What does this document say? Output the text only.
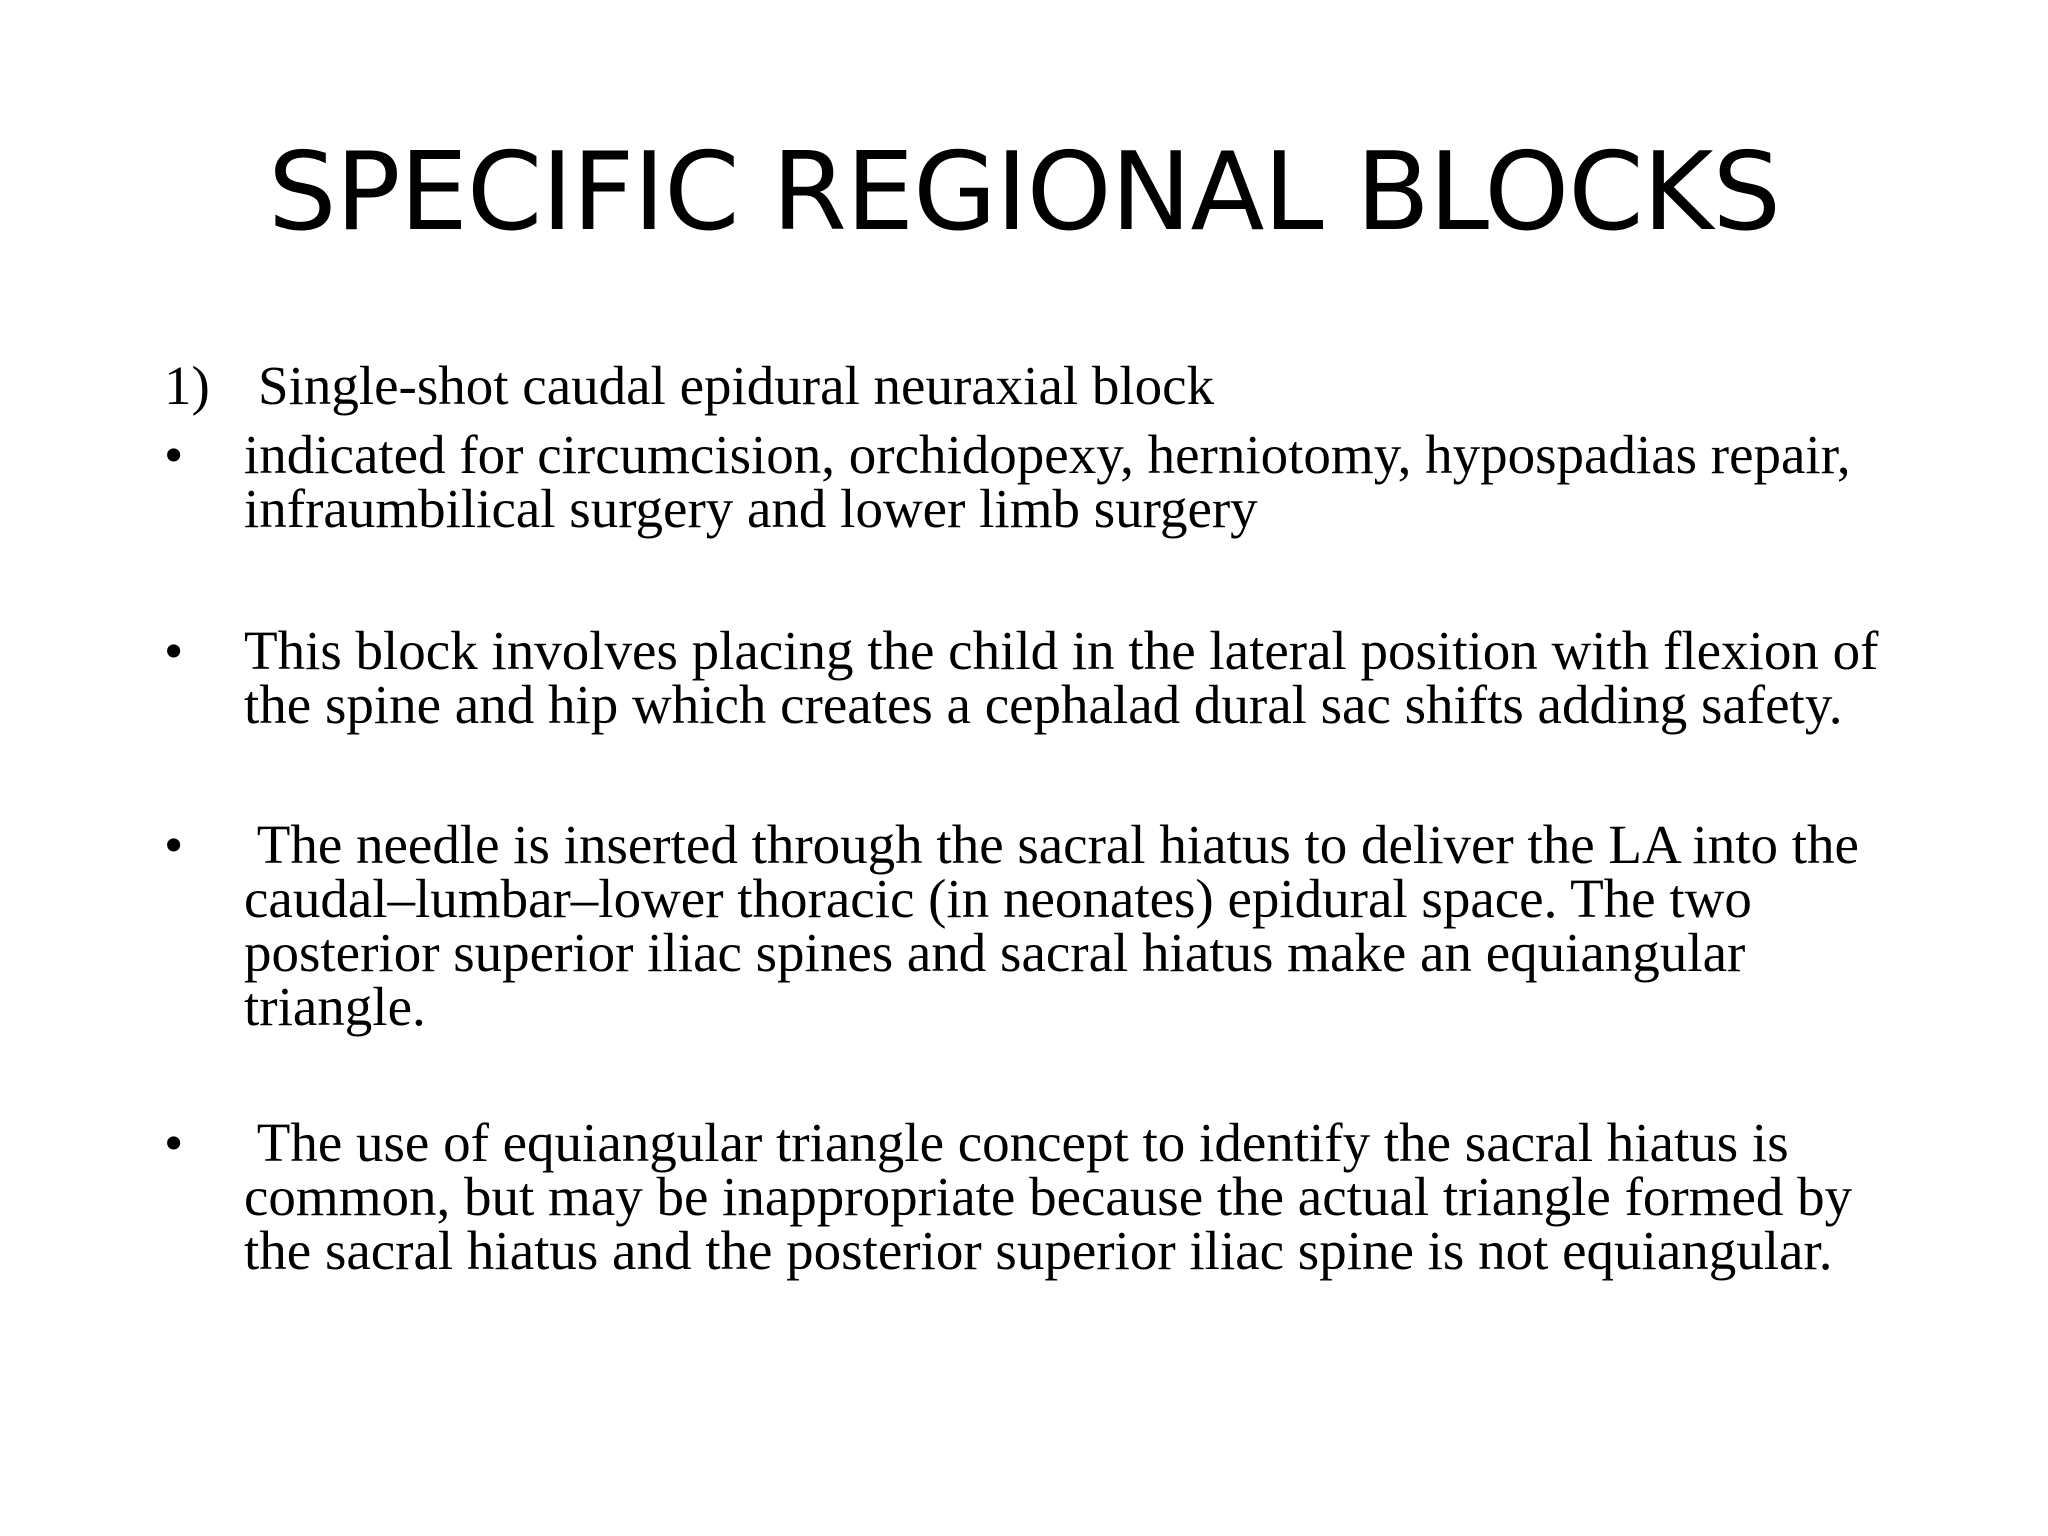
SPECIFIC REGIONAL BLOCKS
1) Single-shot caudal epidural neuraxial block
•	indicated for circumcision, orchidopexy, herniotomy, hypospadias repair,
infraumbilical surgery and lower limb surgery
•	This block involves placing the child in the lateral position with flexion of
the spine and hip which creates a cephalad dural sac shifts adding safety.
•	The needle is inserted through the sacral hiatus to deliver the LA into the
caudal–lumbar–lower thoracic (in neonates) epidural space. The two
posterior superior iliac spines and sacral hiatus make an equiangular
triangle.
•	The use of equiangular triangle concept to identify the sacral hiatus is
common, but may be inappropriate because the actual triangle formed by
the sacral hiatus and the posterior superior iliac spine is not equiangular.
